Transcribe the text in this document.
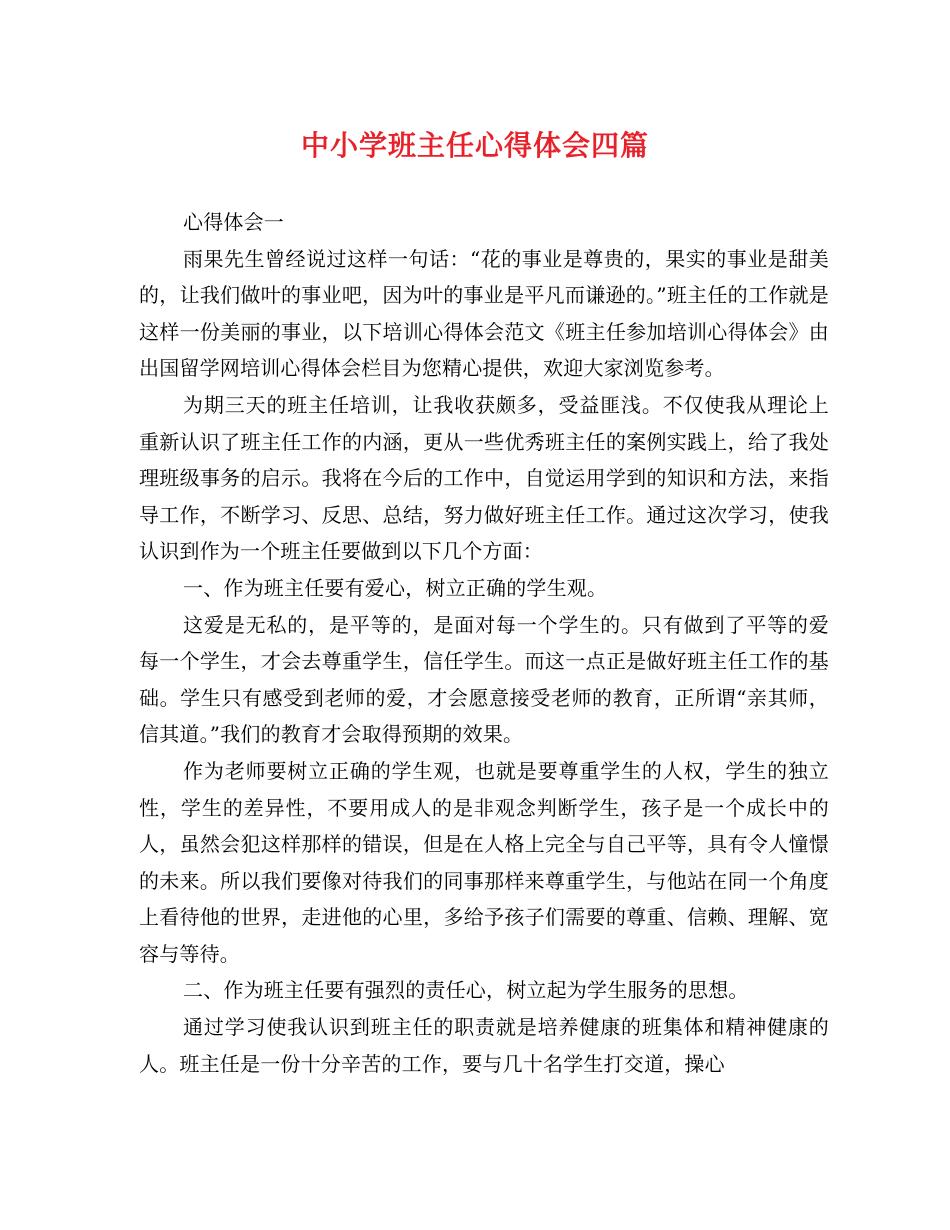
中小学班主任心得体会四篇

心得体会一

雨果先生曾经说过这样一句话：“花的事业是尊贵的，果实的事业是甜美的，让我们做叶的事业吧，因为叶的事业是平凡而谦逊的。”班主任的工作就是这样一份美丽的事业，以下培训心得体会范文《班主任参加培训心得体会》由出国留学网培训心得体会栏目为您精心提供，欢迎大家浏览参考。

为期三天的班主任培训，让我收获颇多，受益匪浅。不仅使我从理论上重新认识了班主任工作的内涵，更从一些优秀班主任的案例实践上，给了我处理班级事务的启示。我将在今后的工作中，自觉运用学到的知识和方法，来指导工作，不断学习、反思、总结，努力做好班主任工作。通过这次学习，使我认识到作为一个班主任要做到以下几个方面：

一、作为班主任要有爱心，树立正确的学生观。

这爱是无私的，是平等的，是面对每一个学生的。只有做到了平等的爱每一个学生，才会去尊重学生，信任学生。而这一点正是做好班主任工作的基础。学生只有感受到老师的爱，才会愿意接受老师的教育，正所谓“亲其师，信其道。”我们的教育才会取得预期的效果。

作为老师要树立正确的学生观，也就是要尊重学生的人权，学生的独立性，学生的差异性，不要用成人的是非观念判断学生，孩子是一个成长中的人，虽然会犯这样那样的错误，但是在人格上完全与自己平等，具有令人憧憬的未来。所以我们要像对待我们的同事那样来尊重学生，与他站在同一个角度上看待他的世界，走进他的心里，多给予孩子们需要的尊重、信赖、理解、宽容与等待。

二、作为班主任要有强烈的责任心，树立起为学生服务的思想。

通过学习使我认识到班主任的职责就是培养健康的班集体和精神健康的人。班主任是一份十分辛苦的工作，要与几十名学生打交道，操心
